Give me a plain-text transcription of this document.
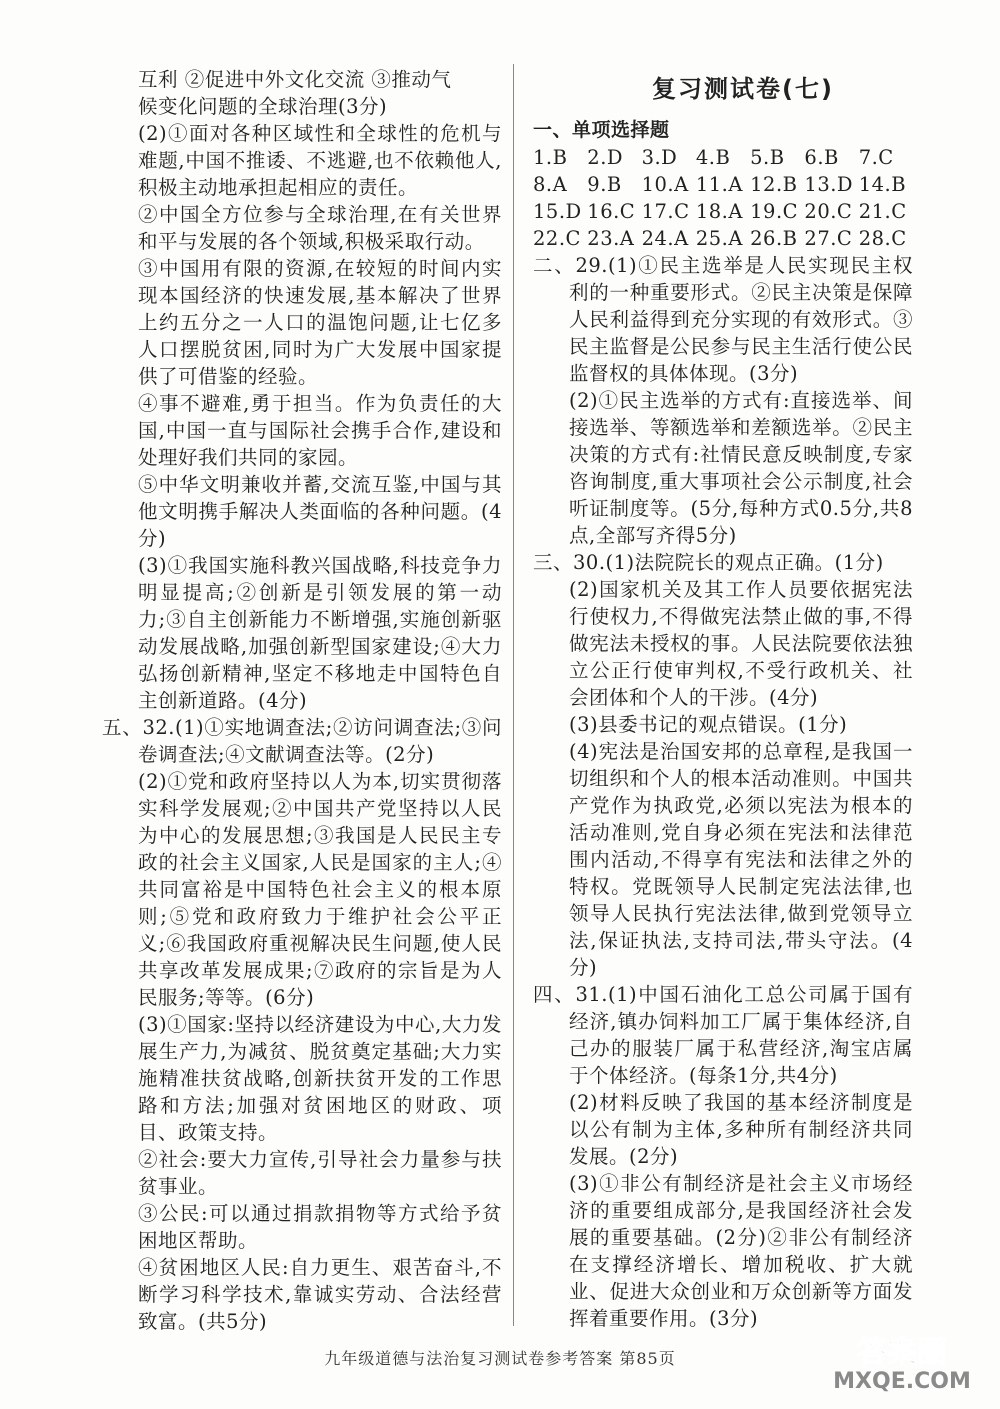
互利 ②促进中外文化交流 ③推动气

候变化问题的全球治理(3分)

(2)①面对各种区域性和全球性的危机与难题,中国不推诿、不逃避,也不依赖他人,积极主动地承担起相应的责任。

②中国全方位参与全球治理,在有关世界和平与发展的各个领域,积极采取行动。

③中国用有限的资源,在较短的时间内实现本国经济的快速发展,基本解决了世界上约五分之一人口的温饱问题,让七亿多人口摆脱贫困,同时为广大发展中国家提供了可借鉴的经验。

④事不避难,勇于担当。作为负责任的大国,中国一直与国际社会携手合作,建设和处理好我们共同的家园。

⑤中华文明兼收并蓄,交流互鉴,中国与其他文明携手解决人类面临的各种问题。(4分)

(3)①我国实施科教兴国战略,科技竞争力明显提高;②创新是引领发展的第一动力;③自主创新能力不断增强,实施创新驱动发展战略,加强创新型国家建设;④大力弘扬创新精神,坚定不移地走中国特色自主创新道路。(4分)

五、32.(1)①实地调查法;②访问调查法;③问卷调查法;④文献调查法等。(2分)

(2)①党和政府坚持以人为本,切实贯彻落实科学发展观;②中国共产党坚持以人民为中心的发展思想;③我国是人民民主专政的社会主义国家,人民是国家的主人;④共同富裕是中国特色社会主义的根本原则;⑤党和政府致力于维护社会公平正义;⑥我国政府重视解决民生问题,使人民共享改革发展成果;⑦政府的宗旨是为人民服务;等等。(6分)

(3)①国家:坚持以经济建设为中心,大力发展生产力,为减贫、脱贫奠定基础;大力实施精准扶贫战略,创新扶贫开发的工作思路和方法;加强对贫困地区的财政、项目、政策支持。

②社会:要大力宣传,引导社会力量参与扶贫事业。

③公民:可以通过捐款捐物等方式给予贫困地区帮助。

④贫困地区人民:自力更生、艰苦奋斗,不断学习科学技术,靠诚实劳动、合法经营致富。(共5分)

复习测试卷(七)
一、单项选择题
1.B	2.D 3.D 4.B	5.B	6.B	7.C
8.A	9.B	10.A 11.A 12.B 13.D 14.B
15.D 16.C 17.C 18.A 19.C 20.C 21.C
22.C 23.A 24.A 25.A 26.B 27.C 28.C

二、29.(1)①民主选举是人民实现民主权利的一种重要形式。②民主决策是保障人民利益得到充分实现的有效形式。③民主监督是公民参与民主生活行使公民监督权的具体体现。(3分)

(2)①民主选举的方式有:直接选举、间接选举、等额选举和差额选举。②民主决策的方式有:社情民意反映制度,专家咨询制度,重大事项社会公示制度,社会听证制度等。(5分,每种方式0.5分,共8点,全部写齐得5分)

三、30.(1)法院院长的观点正确。(1分)

(2)国家机关及其工作人员要依据宪法行使权力,不得做宪法禁止做的事,不得做宪法未授权的事。人民法院要依法独立公正行使审判权,不受行政机关、社会团体和个人的干涉。(4分)

(3)县委书记的观点错误。(1分)

(4)宪法是治国安邦的总章程,是我国一切组织和个人的根本活动准则。中国共产党作为执政党,必须以宪法为根本的活动准则,党自身必须在宪法和法律范围内活动,不得享有宪法和法律之外的特权。党既领导人民制定宪法法律,也领导人民执行宪法法律,做到党领导立法,保证执法,支持司法,带头守法。(4分)

四、31.(1)中国石油化工总公司属于国有经济,镇办饲料加工厂属于集体经济,自己办的服装厂属于私营经济,淘宝店属于个体经济。(每条1分,共4分)

(2)材料反映了我国的基本经济制度是以公有制为主体,多种所有制经济共同发展。(2分)

(3)①非公有制经济是社会主义市场经济的重要组成部分,是我国经济社会发展的重要基础。(2分)②非公有制经济在支撑经济增长、增加税收、扩大就业、促进大众创业和万众创新等方面发挥着重要作用。(3分)

九年级道德与法治复习测试卷参考答案 第85页	答案圈
MXQE.COM
